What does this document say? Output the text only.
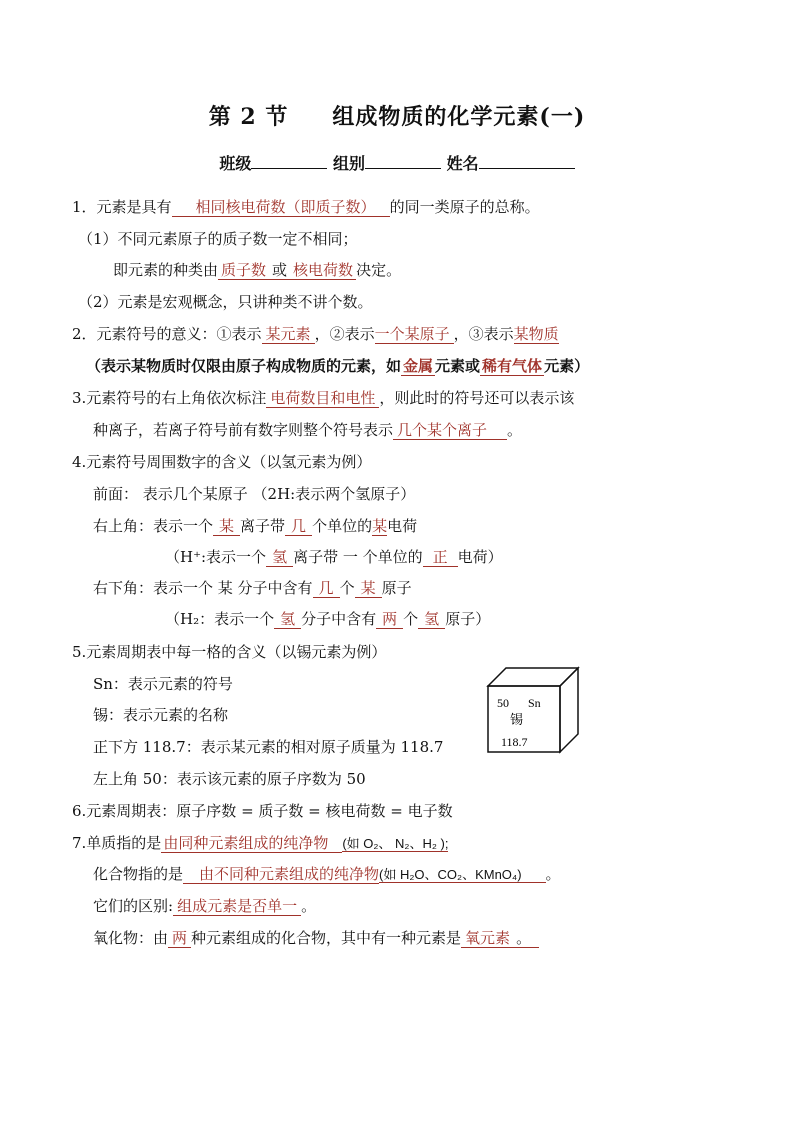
第 2 节 组成物质的化学元素(一)
班级	组别	姓名
1．元素是具有 相同核电荷数（即质子数） 的同一类原子的总称。
（1）不同元素原子的质子数一定不相同；
即元素的种类由 质子数 或 核电荷数 决定。
（2）元素是宏观概念，只讲种类不讲个数。
2．元素符号的意义：①表示 某元素 ，②表示一个某原子 ，③表示某物质
（表示某物质时仅限由原子构成物质的元素，如 金属 元素或 稀有气体 元素）
3.元素符号的右上角依次标注 电荷数目和电性 ，则此时的符号还可以表示该
种离子，若离子符号前有数字则整个符号表示 几个某个离子 。
4.元素符号周围数字的含义（以氢元素为例）
前面： 表示几个某原子 （2H:表示两个氢原子）
右上角：表示一个 某 离子带 几 个单位的某电荷
（H⁺:表示一个 氢 离子带 一 个单位的 正 电荷）
右下角：表示一个 某 分子中含有 几 个 某 原子
（H₂：表示一个 氢 分子中含有 两 个 氢 原子）
5.元素周期表中每一格的含义（以锡元素为例）
Sn：表示元素的符号
锡：表示元素的名称
正下方 118.7：表示某元素的相对原子质量为 118.7
左上角 50：表示该元素的原子序数为 50
50 Sn
锡
118.7
6.元素周期表：原子序数 = 质子数 = 核电荷数 = 电子数
7.单质指的是 由同种元素组成的纯净物 (如 O₂、 N₂、H₂ );
化合物指的是 由不同种元素组成的纯净物(如 H₂O、CO₂、KMnO₄) 。
它们的区别: 组成元素是否单一 。
氧化物：由 两 种元素组成的化合物，其中有一种元素是 氧元素 。
